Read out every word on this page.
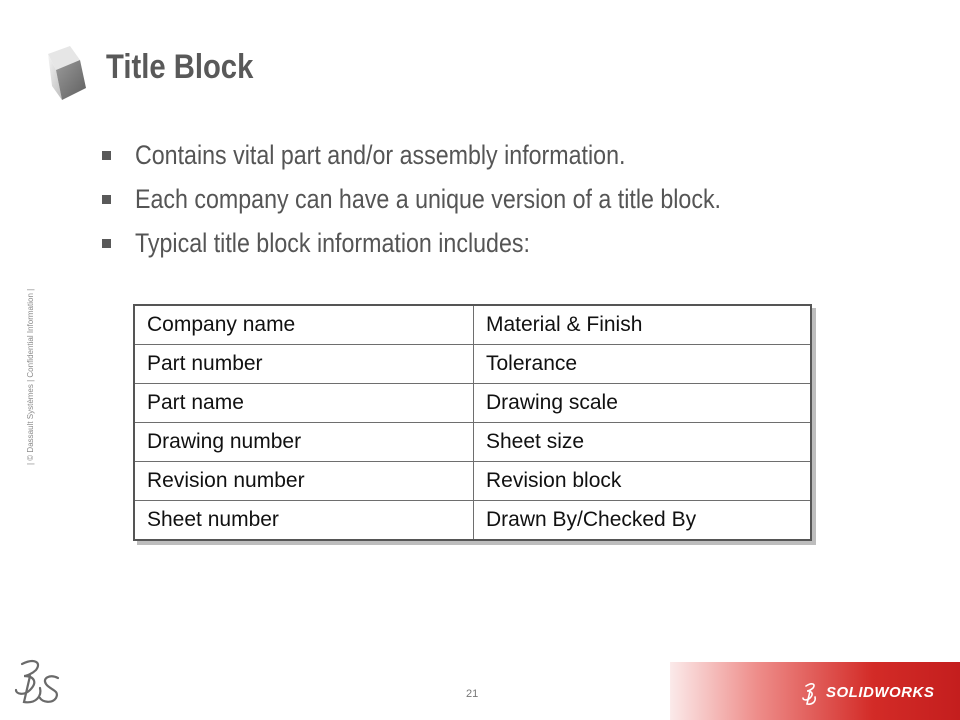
Title Block
Contains vital part and/or assembly information.
Each company can have a unique version of a title block.
Typical title block information includes:
| © Dassault Systèmes | Confidential Information |	Company name	Material & Finish
Part number	Tolerance
Part name	Drawing scale
Drawing number	Sheet size
Revision number	Revision block
Sheet number	Drawn By/Checked By
21	SOLIDWORKS
